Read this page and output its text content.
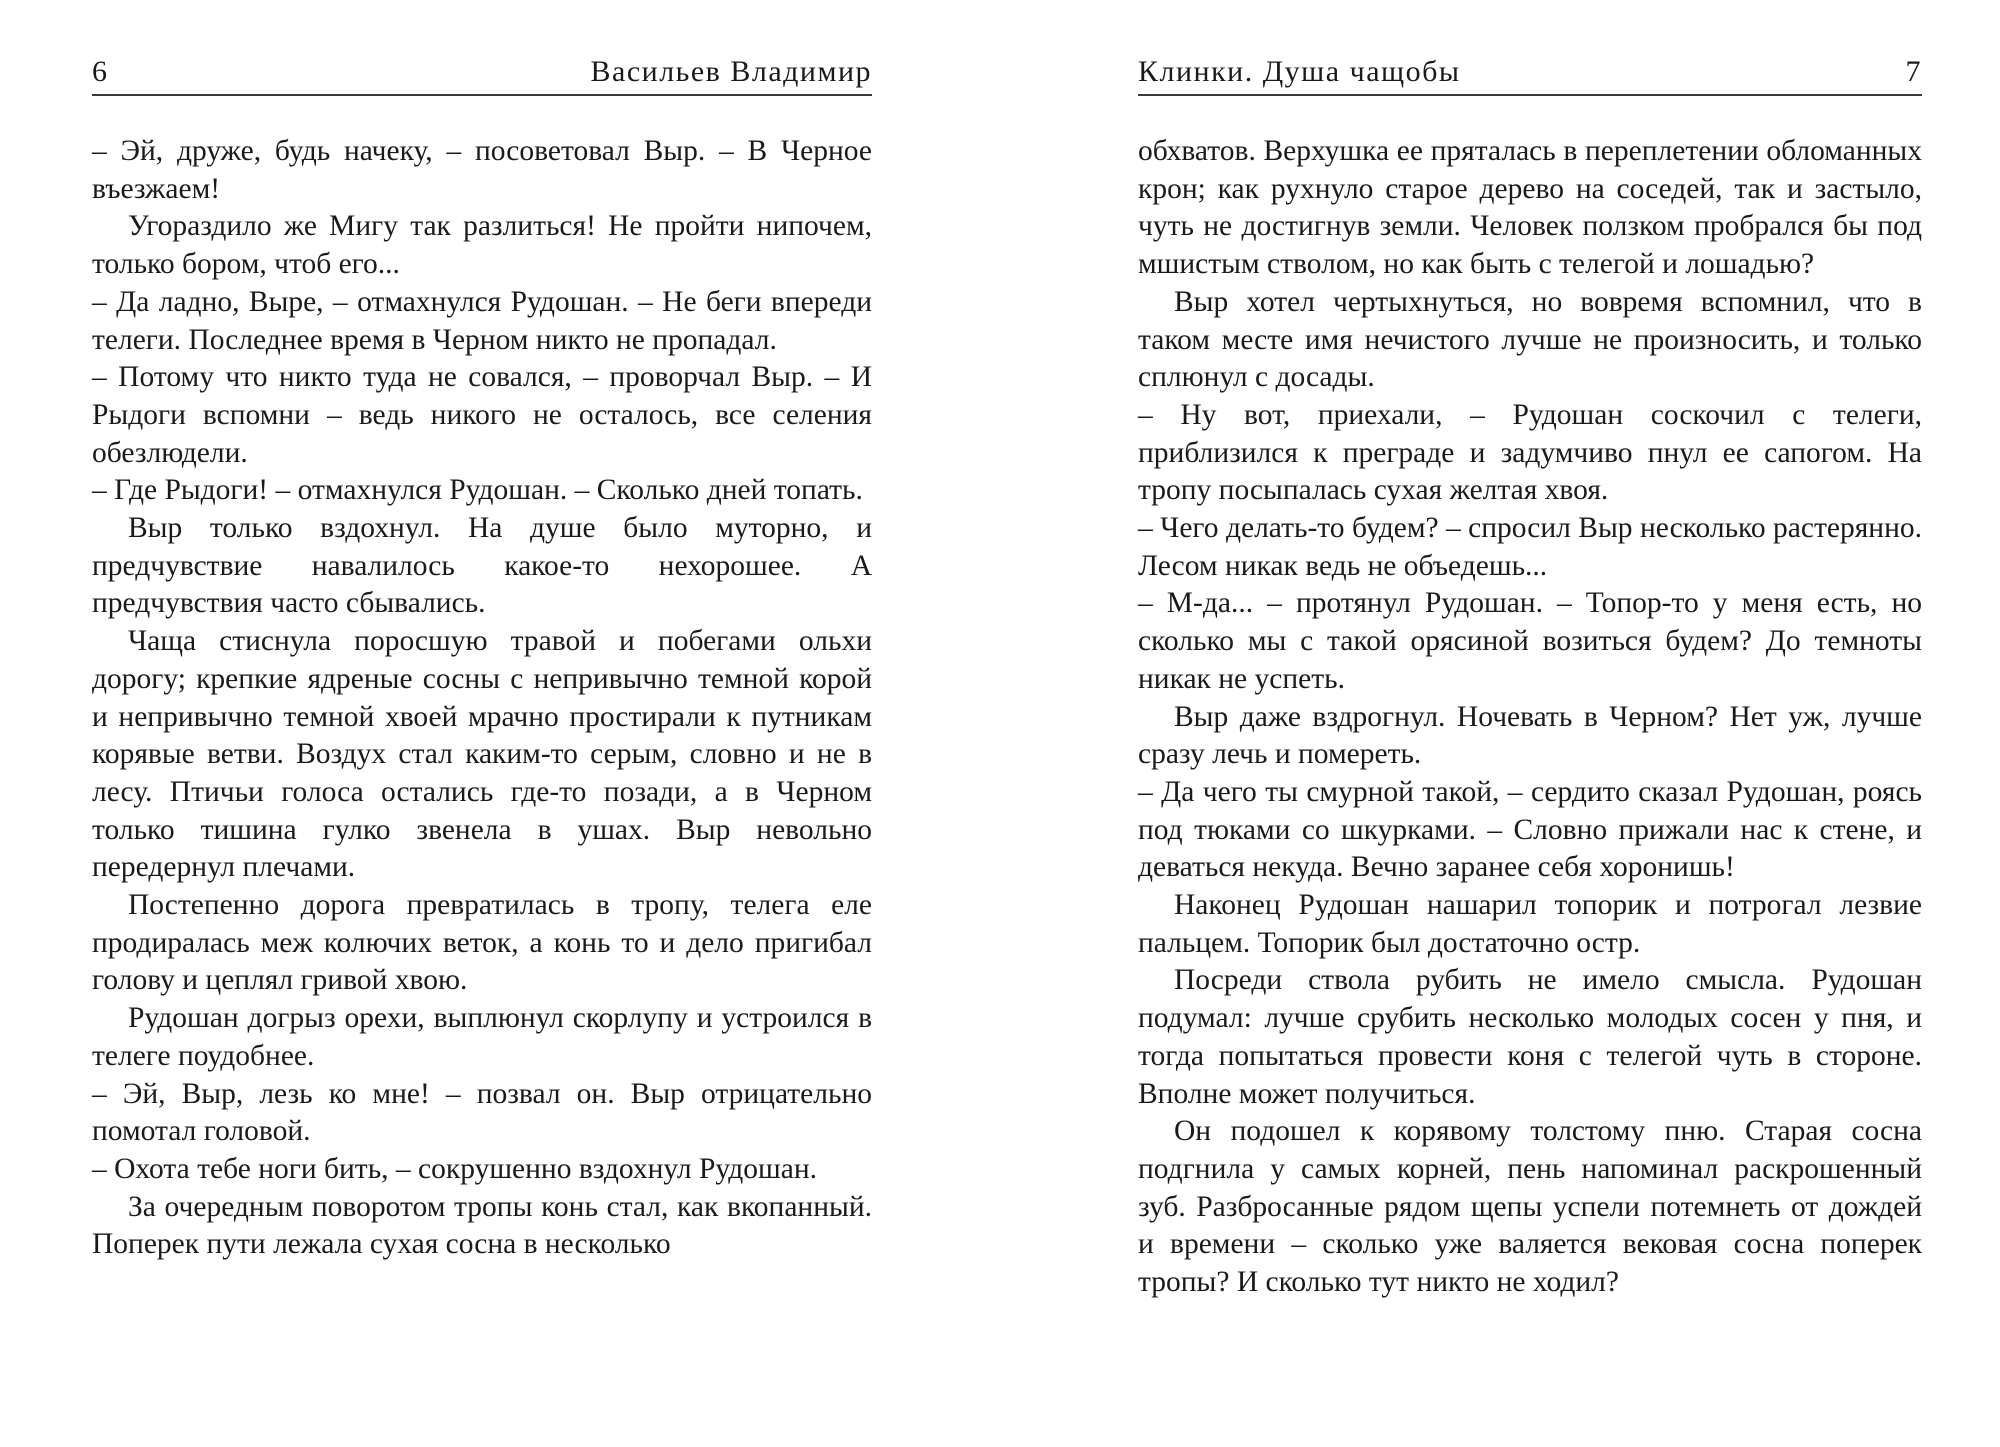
6	Васильев Владимир

– Эй, друже, будь начеку, – посоветовал Выр. – В Черное въезжаем!

Угораздило же Мигу так разлиться! Не пройти нипочем, только бором, чтоб его...

– Да ладно, Выре, – отмахнулся Рудошан. – Не беги впереди телеги. Последнее время в Черном никто не пропадал.

– Потому что никто туда не совался, – проворчал Выр. – И Рыдоги вспомни – ведь никого не осталось, все селения обезлюдели.

– Где Рыдоги! – отмахнулся Рудошан. – Сколько дней топать.

Выр только вздохнул. На душе было муторно, и предчувствие навалилось какое-то нехорошее. А предчувствия часто сбывались.

Чаща стиснула поросшую травой и побегами ольхи дорогу; крепкие ядреные сосны с непривычно темной корой и непривычно темной хвоей мрачно простирали к путникам корявые ветви. Воздух стал каким-то серым, словно и не в лесу. Птичьи голоса остались где-то позади, а в Черном только тишина гулко звенела в ушах. Выр невольно передернул плечами.

Постепенно дорога превратилась в тропу, телега еле продиралась меж колючих веток, а конь то и дело пригибал голову и цеплял гривой хвою.

Рудошан догрыз орехи, выплюнул скорлупу и устроился в телеге поудобнее.

– Эй, Выр, лезь ко мне! – позвал он. Выр отрицательно помотал головой.

– Охота тебе ноги бить, – сокрушенно вздохнул Рудошан.

За очередным поворотом тропы конь стал, как вкопанный. Поперек пути лежала сухая сосна в несколько

Клинки. Душа чащобы	7

обхватов. Верхушка ее пряталась в переплетении обломанных крон; как рухнуло старое дерево на соседей, так и застыло, чуть не достигнув земли. Человек ползком пробрался бы под мшистым стволом, но как быть с телегой и лошадью?

Выр хотел чертыхнуться, но вовремя вспомнил, что в таком месте имя нечистого лучше не произносить, и только сплюнул с досады.

– Ну вот, приехали, – Рудошан соскочил с телеги, приблизился к преграде и задумчиво пнул ее сапогом. На тропу посыпалась сухая желтая хвоя.

– Чего делать-то будем? – спросил Выр несколько растерянно. Лесом никак ведь не объедешь...

– М-да... – протянул Рудошан. – Топор-то у меня есть, но сколько мы с такой орясиной возиться будем? До темноты никак не успеть.

Выр даже вздрогнул. Ночевать в Черном? Нет уж, лучше сразу лечь и помереть.

– Да чего ты смурной такой, – сердито сказал Рудошан, роясь под тюками со шкурками. – Словно прижали нас к стене, и деваться некуда. Вечно заранее себя хоронишь!

Наконец Рудошан нашарил топорик и потрогал лезвие пальцем. Топорик был достаточно остр.

Посреди ствола рубить не имело смысла. Рудошан подумал: лучше срубить несколько молодых сосен у пня, и тогда попытаться провести коня с телегой чуть в стороне. Вполне может получиться.

Он подошел к корявому толстому пню. Старая сосна подгнила у самых корней, пень напоминал раскрошенный зуб. Разбросанные рядом щепы успели потемнеть от дождей и времени – сколько уже валяется вековая сосна поперек тропы? И сколько тут никто не ходил?
